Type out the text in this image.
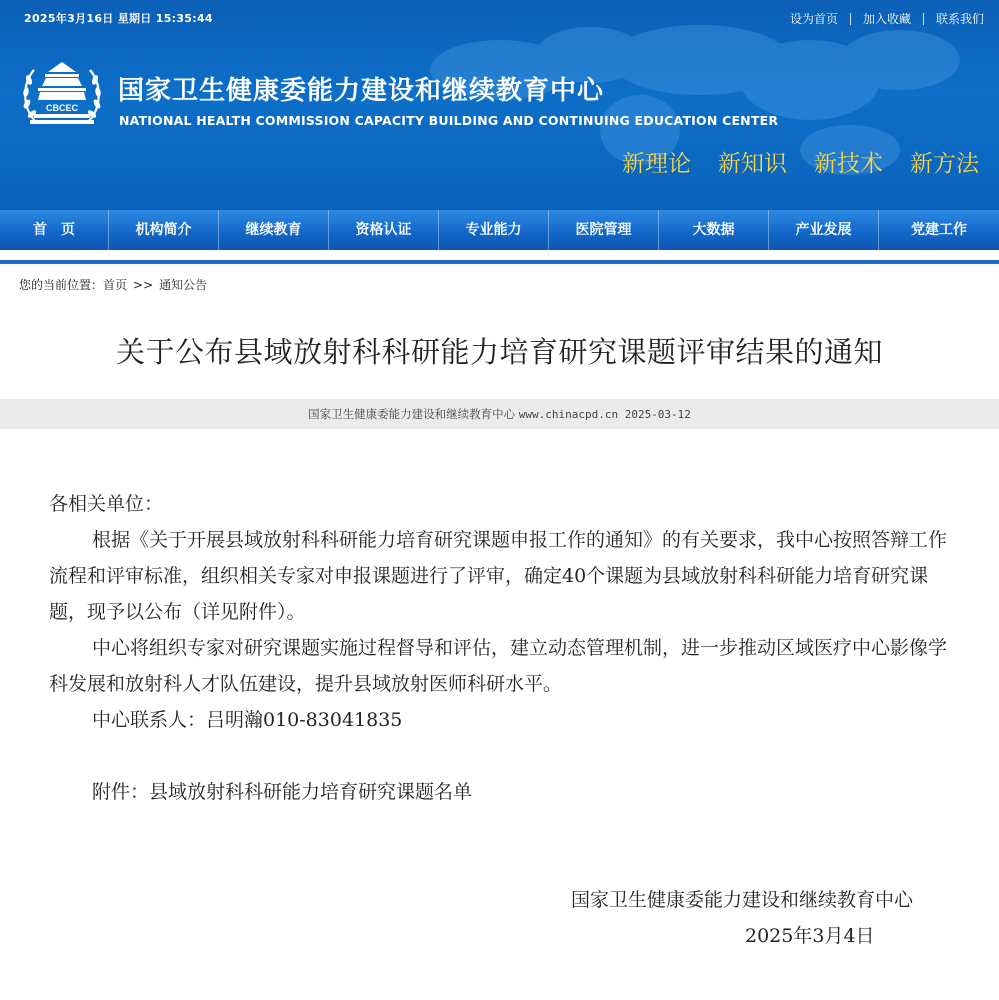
2025年3月16日 星期日 15:35:44	设为首页	加入收藏	联系我们
CBCEC
国家卫生健康委能力建设和继续教育中心
NATIONAL HEALTH COMMISSION CAPACITY BUILDING AND CONTINUING EDUCATION CENTER
新理论 新知识 新技术 新方法
首　页	机构简介	继续教育	资格认证	专业能力	医院管理	大数据	产业发展	党建工作
您的当前位置：首页 >> 通知公告
关于公布县域放射科科研能力培育研究课题评审结果的通知
国家卫生健康委能力建设和继续教育中心 www.chinacpd.cn 2025-03-12

各相关单位：

根据《关于开展县域放射科科研能力培育研究课题申报工作的通知》的有关要求，我中心按照答辩工作流程和评审标准，组织相关专家对申报课题进行了评审，确定40个课题为县域放射科科研能力培育研究课题，现予以公布（详见附件）。

中心将组织专家对研究课题实施过程督导和评估，建立动态管理机制，进一步推动区域医疗中心影像学科发展和放射科人才队伍建设，提升县域放射医师科研水平。

中心联系人：吕明瀚010-83041835

附件：县域放射科科研能力培育研究课题名单

国家卫生健康委能力建设和继续教育中心
2025年3月4日
